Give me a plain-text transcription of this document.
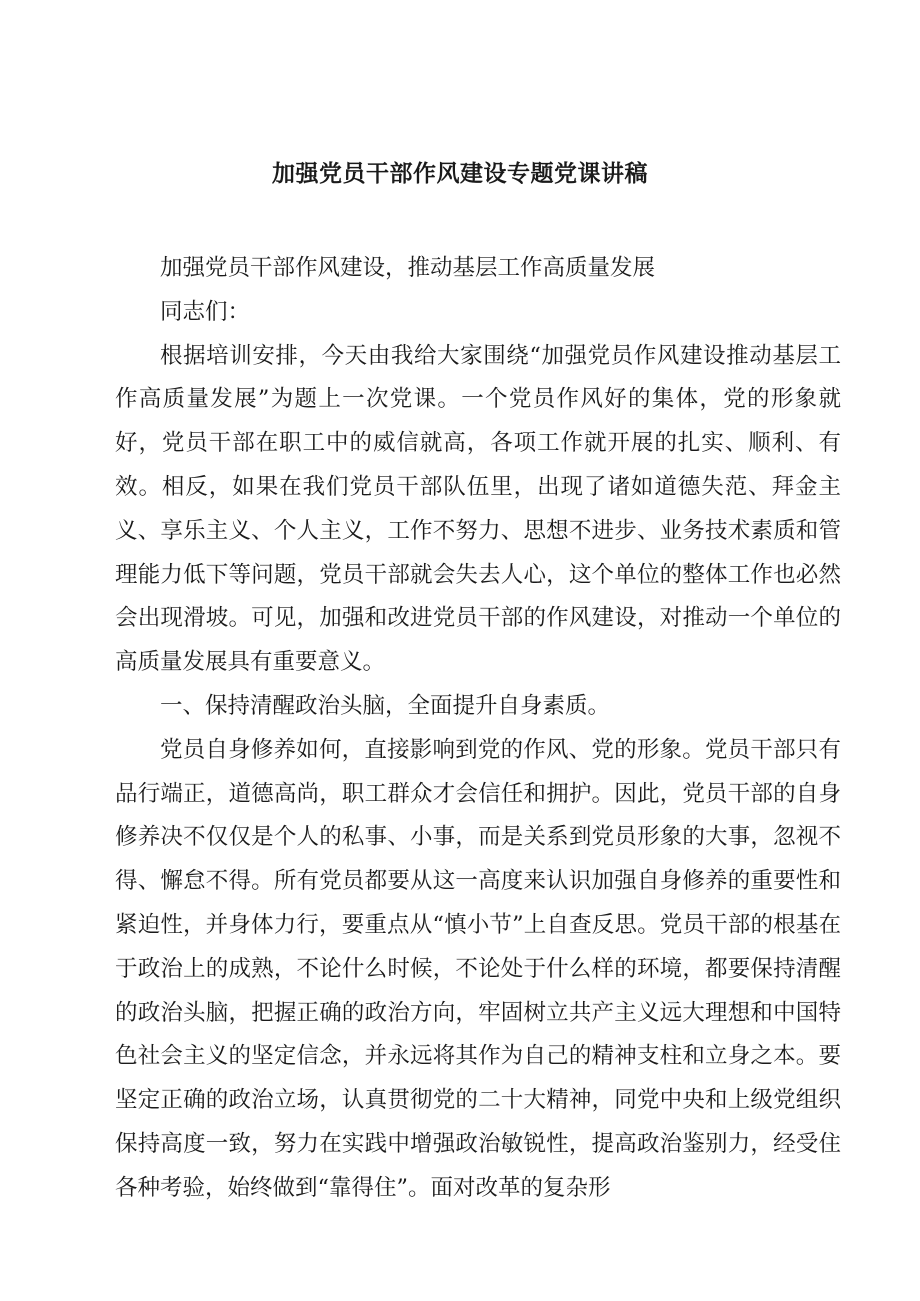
加强党员干部作风建设专题党课讲稿

加强党员干部作风建设，推动基层工作高质量发展

同志们：

根据培训安排，今天由我给大家围绕“加强党员作风建设推动基层工作高质量发展”为题上一次党课。一个党员作风好的集体，党的形象就好，党员干部在职工中的威信就高，各项工作就开展的扎实、顺利、有效。相反，如果在我们党员干部队伍里，出现了诸如道德失范、拜金主义、享乐主义、个人主义，工作不努力、思想不进步、业务技术素质和管理能力低下等问题，党员干部就会失去人心，这个单位的整体工作也必然会出现滑坡。可见，加强和改进党员干部的作风建设，对推动一个单位的高质量发展具有重要意义。

一、保持清醒政治头脑，全面提升自身素质。

党员自身修养如何，直接影响到党的作风、党的形象。党员干部只有品行端正，道德高尚，职工群众才会信任和拥护。因此，党员干部的自身修养决不仅仅是个人的私事、小事，而是关系到党员形象的大事，忽视不得、懈怠不得。所有党员都要从这一高度来认识加强自身修养的重要性和紧迫性，并身体力行，要重点从“慎小节”上自查反思。党员干部的根基在于政治上的成熟，不论什么时候，不论处于什么样的环境，都要保持清醒的政治头脑，把握正确的政治方向，牢固树立共产主义远大理想和中国特色社会主义的坚定信念，并永远将其作为自己的精神支柱和立身之本。要坚定正确的政治立场，认真贯彻党的二十大精神，同党中央和上级党组织保持高度一致，努力在实践中增强政治敏锐性，提高政治鉴别力，经受住各种考验，始终做到“靠得住”。面对改革的复杂形
